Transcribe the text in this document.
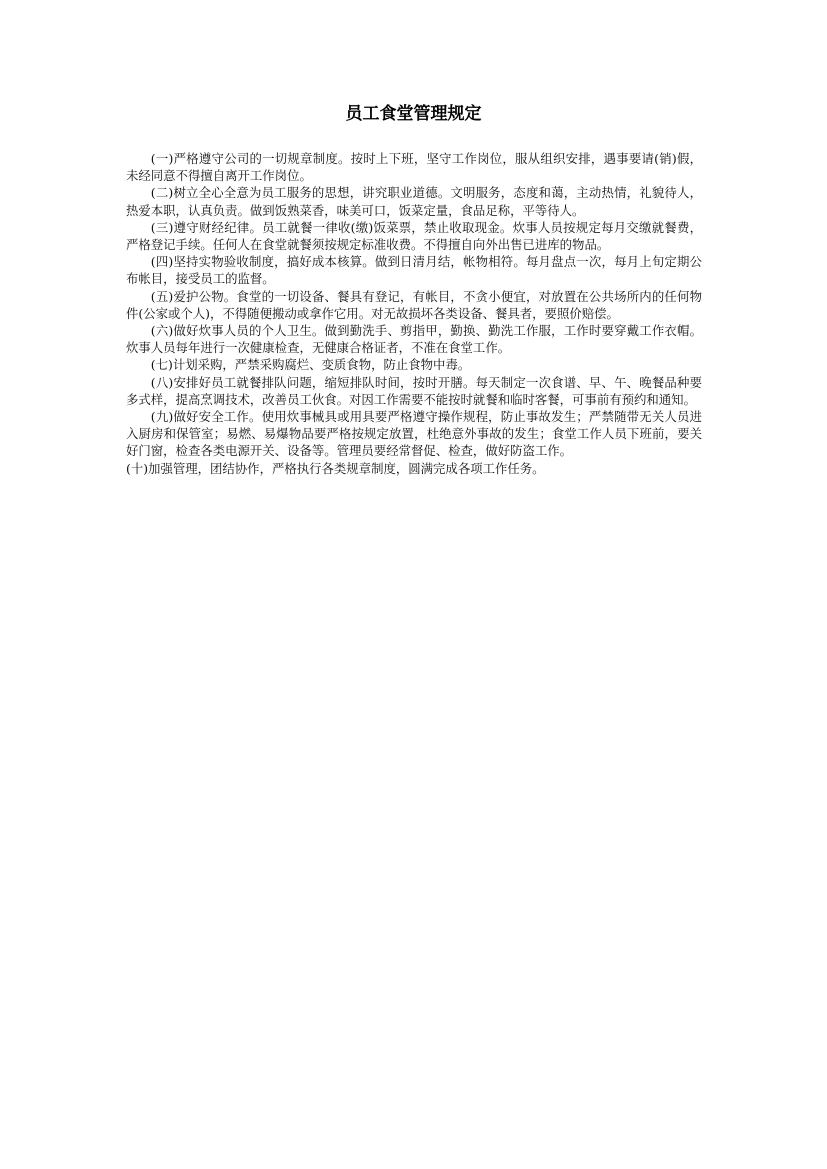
员工食堂管理规定

(一)严格遵守公司的一切规章制度。按时上下班，坚守工作岗位，服从组织安排，遇事要请(销)假，未经同意不得擅自离开工作岗位。

(二)树立全心全意为员工服务的思想，讲究职业道德。文明服务，态度和蔼，主动热情，礼貌待人，热爱本职，认真负责。做到饭熟菜香，味美可口，饭菜定量，食品足称，平等待人。

(三)遵守财经纪律。员工就餐一律收(缴)饭菜票，禁止收取现金。炊事人员按规定每月交缴就餐费，严格登记手续。任何人在食堂就餐须按规定标准收费。不得擅自向外出售已进库的物品。

(四)坚持实物验收制度，搞好成本核算。做到日清月结，帐物相符。每月盘点一次，每月上旬定期公布帐目，接受员工的监督。

(五)爱护公物。食堂的一切设备、餐具有登记，有帐目，不贪小便宜，对放置在公共场所内的任何物件(公家或个人)，不得随便搬动或拿作它用。对无故损坏各类设备、餐具者，要照价赔偿。

(六)做好炊事人员的个人卫生。做到勤洗手、剪指甲，勤换、勤洗工作服，工作时要穿戴工作衣帽。炊事人员每年进行一次健康检查，无健康合格证者，不准在食堂工作。

(七)计划采购，严禁采购腐烂、变质食物，防止食物中毒。

(八)安排好员工就餐排队问题，缩短排队时间，按时开膳。每天制定一次食谱、早、午、晚餐品种要多式样，提高烹调技术，改善员工伙食。对因工作需要不能按时就餐和临时客餐，可事前有预约和通知。

(九)做好安全工作。使用炊事械具或用具要严格遵守操作规程，防止事故发生；严禁随带无关人员进入厨房和保管室；易燃、易爆物品要严格按规定放置，杜绝意外事故的发生；食堂工作人员下班前，要关好门窗，检查各类电源开关、设备等。管理员要经常督促、检查，做好防盗工作。

(十)加强管理，团结协作，严格执行各类规章制度，圆满完成各项工作任务。
